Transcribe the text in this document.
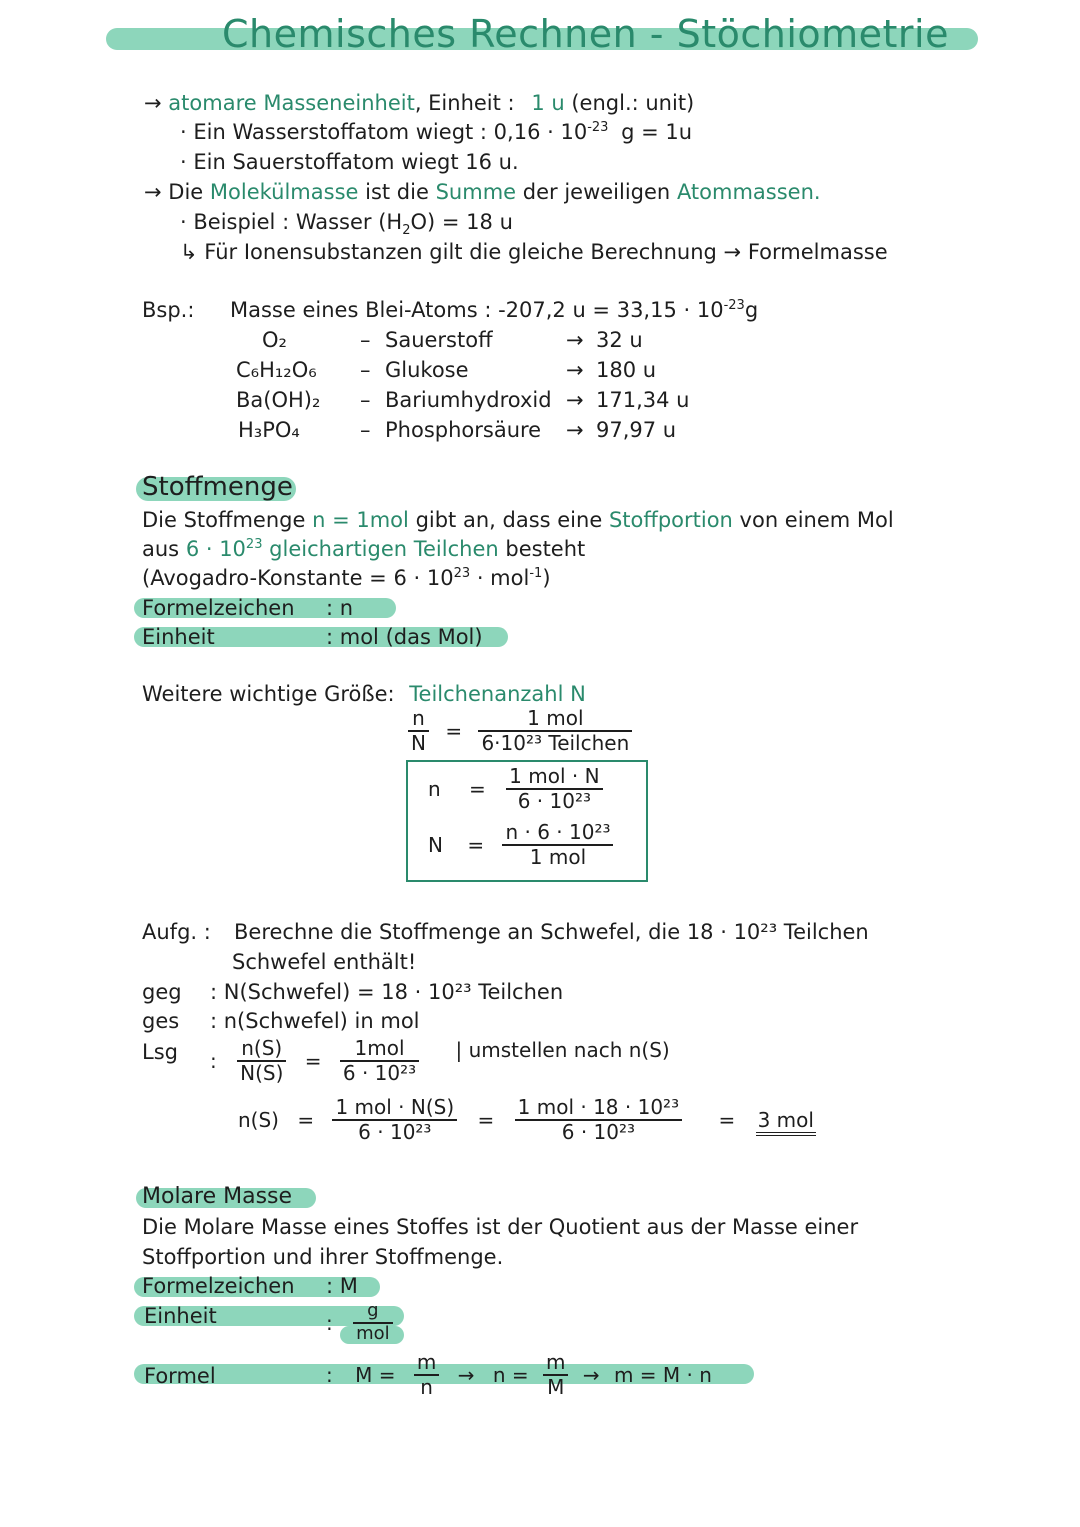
Chemisches Rechnen - Stöchiometrie
→ atomare Masseneinheit, Einheit : 1 u (engl.: unit)
· Ein Wasserstoffatom wiegt : $0,16 \cdot 10^{-23}$ g = 1u
· Ein Sauerstoffatom wiegt 16 u.
→ Die Molekülmasse ist die Summe der jeweiligen Atommassen.
· Beispiel : Wasser $(H_2O) = 18$ u
↳ Für Ionensubstanzen gilt die gleiche Berechnung → Formelmasse
Bsp.: Masse eines Blei-Atoms : -207,2 $u = 33,15 \cdot 10^{-23}g$
O₂	– Sauerstoff	→ 32 u
C₆H₁₂O₆ – Glukose	→ 180 u
Ba(OH)₂ – Bariumhydroxid → 171,34 u
H₃PO₄	– Phosphorsäure → 97,97 u
Stoffmenge
Die Stoffmenge n = 1mol gibt an, dass eine Stoffportion von einem Mol
aus $6 \cdot 10^{23}$ gleichartigen Teilchen besteht
(Avogadro-Konstante = $6 \cdot 10^{23} \cdot mol^{-1}$)
Formelzeichen : n
Einheit	: mol (das Mol)
Weitere wichtige Größe: Teilchenanzahl N
$\frac{n}{N} = \frac{\text{1 mol}}{\text{6·10²³ Teilchen}}$
$n = \frac{\text{1 mol · N}}{\text{6 · 10²³}}$
$N = \frac{\text{n · 6 · 10²³}}{\text{1 mol}}$
Aufg. : Berechne die Stoffmenge an Schwefel, die 18 · 10²³ Teilchen
Schwefel enthält!
geg : N(Schwefel) = 18 · 10²³ Teilchen
ges : n(Schwefel) in mol
Lsg : $\frac{n(S)}{N(S)} = \frac{\text{1mol}}{\text{6 · 10²³}}$ | umstellen nach n(S)
$n(S) = \frac{\text{1 mol · N(S)}}{\text{6 · 10²³}} = \frac{\text{1 mol · 18 · 10²³}}{\text{6 · 10²³}} = 3$ mol
Molare Masse
Die Molare Masse eines Stoffes ist der Quotient aus der Masse einer
Stoffportion und ihrer Stoffmenge.
Formelzeichen : M
Einheit	: $\frac{g}{\text{mol}}$
Formel	: $M = \frac{m}{n} \to n = \frac{m}{M} \to m = M \cdot n$
